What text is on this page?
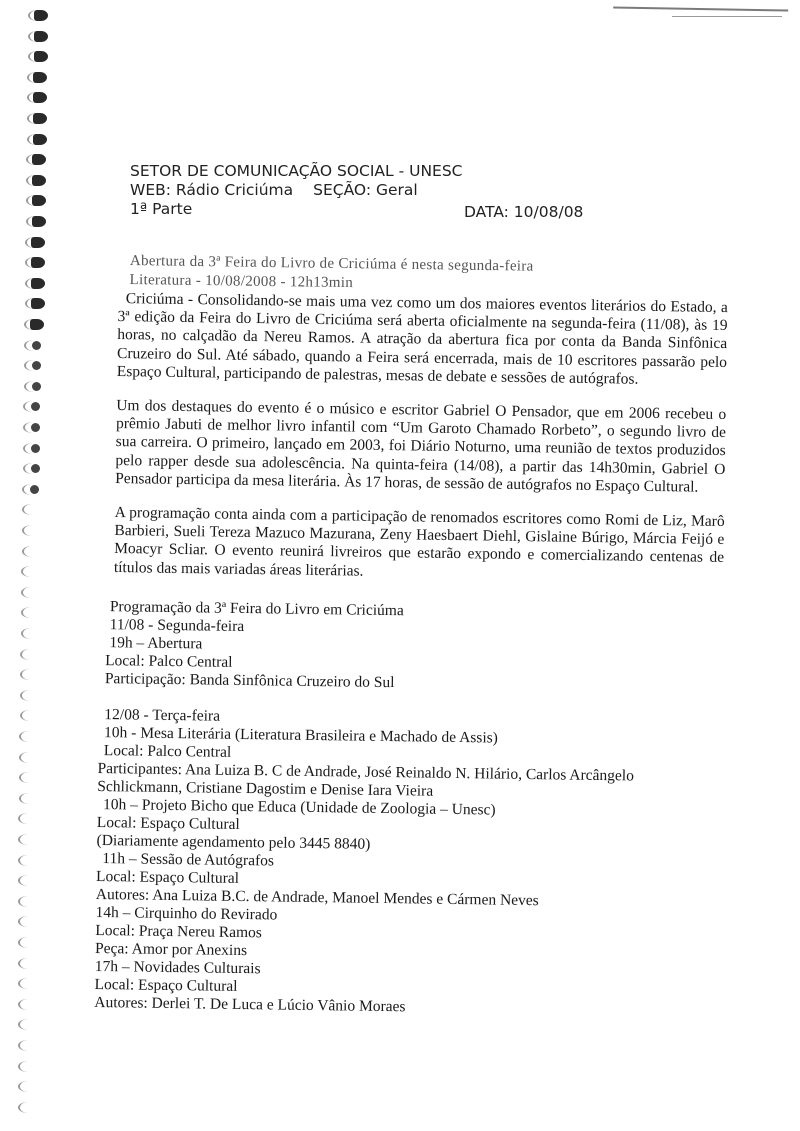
SETOR DE COMUNICAÇÃO SOCIAL - UNESC
WEB: Rádio Criciúma SEÇÃO: Geral
1ª Parte	DATA: 10/08/08
Abertura da 3ª Feira do Livro de Criciúma é nesta segunda-feira
Literatura - 10/08/2008 - 12h13min

Criciúma - Consolidando-se mais uma vez como um dos maiores eventos literários do Estado, a 3ª edição da Feira do Livro de Criciúma será aberta oficialmente na segunda-feira (11/08), às 19 horas, no calçadão da Nereu Ramos. A atração da abertura fica por conta da Banda Sinfônica Cruzeiro do Sul. Até sábado, quando a Feira será encerrada, mais de 10 escritores passarão pelo Espaço Cultural, participando de palestras, mesas de debate e sessões de autógrafos.

Um dos destaques do evento é o músico e escritor Gabriel O Pensador, que em 2006 recebeu o prêmio Jabuti de melhor livro infantil com “Um Garoto Chamado Rorbeto”, o segundo livro de sua carreira. O primeiro, lançado em 2003, foi Diário Noturno, uma reunião de textos produzidos pelo rapper desde sua adolescência. Na quinta-feira (14/08), a partir das 14h30min, Gabriel O Pensador participa da mesa literária. Às 17 horas, de sessão de autógrafos no Espaço Cultural.

A programação conta ainda com a participação de renomados escritores como Romi de Liz, Marô Barbieri, Sueli Tereza Mazuco Mazurana, Zeny Haesbaert Diehl, Gislaine Búrigo, Márcia Feijó e Moacyr Scliar. O evento reunirá livreiros que estarão expondo e comercializando centenas de títulos das mais variadas áreas literárias.

Programação da 3ª Feira do Livro em Criciúma
11/08 - Segunda-feira
19h – Abertura
Local: Palco Central
Participação: Banda Sinfônica Cruzeiro do Sul
12/08 - Terça-feira
10h - Mesa Literária (Literatura Brasileira e Machado de Assis)
Local: Palco Central
Participantes: Ana Luiza B. C de Andrade, José Reinaldo N. Hilário, Carlos Arcângelo
Schlickmann, Cristiane Dagostim e Denise Iara Vieira
10h – Projeto Bicho que Educa (Unidade de Zoologia – Unesc)
Local: Espaço Cultural
(Diariamente agendamento pelo 3445 8840)
11h – Sessão de Autógrafos
Local: Espaço Cultural
Autores: Ana Luiza B.C. de Andrade, Manoel Mendes e Cármen Neves
14h – Cirquinho do Revirado
Local: Praça Nereu Ramos
Peça: Amor por Anexins
17h – Novidades Culturais
Local: Espaço Cultural
Autores: Derlei T. De Luca e Lúcio Vânio Moraes
